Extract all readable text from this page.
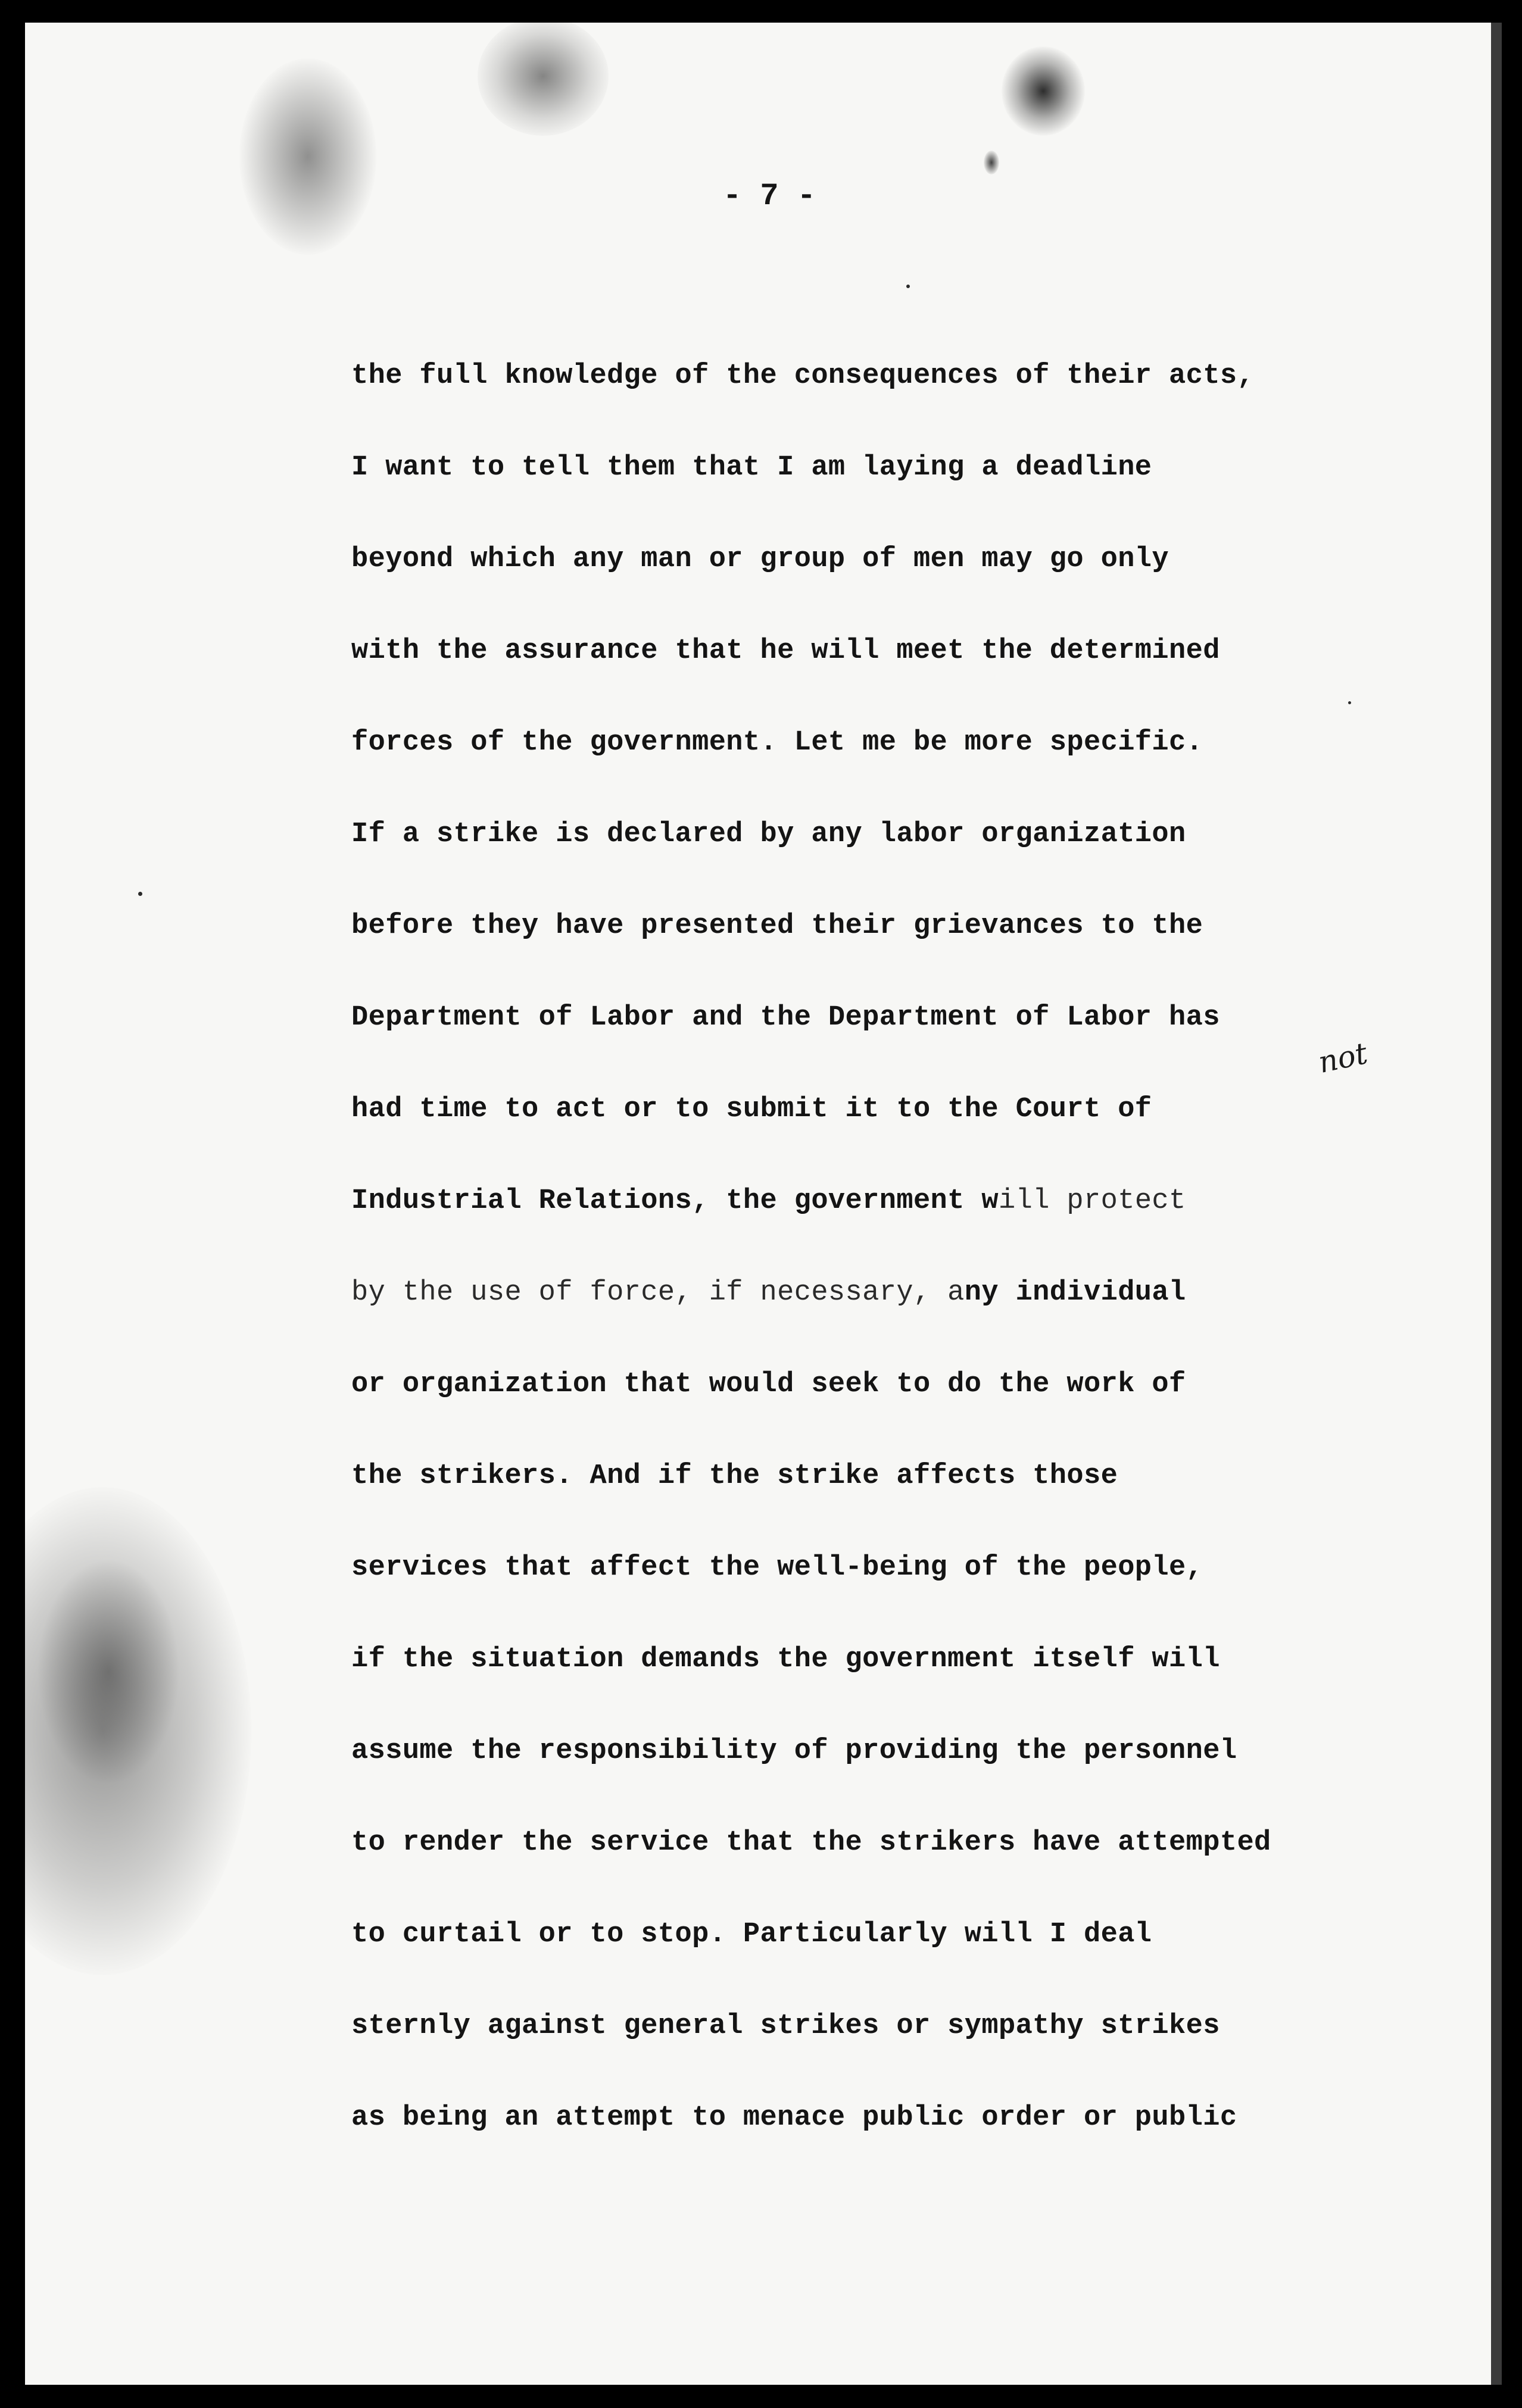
- 7 -

the full knowledge of the consequences of their acts,
I want to tell them that I am laying a deadline
beyond which any man or group of men may go only
with the assurance that he will meet the determined
forces of the government. Let me be more specific.
If a strike is declared by any labor organization
before they have presented their grievances to the
Department of Labor and the Department of Labor has
had time to act or to submit it to the Court of
Industrial Relations, the government will protect
by the use of force, if necessary, any individual
or organization that would seek to do the work of
the strikers. And if the strike affects those
services that affect the well-being of the people,
if the situation demands the government itself will
assume the responsibility of providing the personnel
to render the service that the strikers have attempted
to curtail or to stop. Particularly will I deal
sternly against general strikes or sympathy strikes
as being an attempt to menace public order or public
not
